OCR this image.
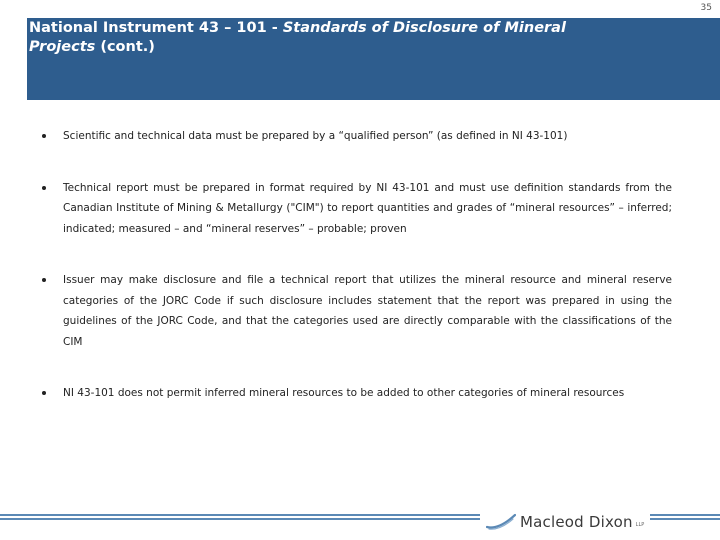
35
National Instrument 43 – 101 - Standards of Disclosure of Mineral
Projects (cont.)
Scientific and technical data must be prepared by a “qualified person” (as defined in NI 43-101)
Technical report must be prepared in format required by NI 43-101 and must use definition standards from the Canadian Institute of Mining & Metallurgy ("CIM") to report quantities and grades of “mineral resources” – inferred; indicated; measured – and “mineral reserves” – probable; proven
Issuer may make disclosure and file a technical report that utilizes the mineral resource and mineral reserve categories of the JORC Code if such disclosure includes statement that the report was prepared in using the guidelines of the JORC Code, and that the categories used are directly comparable with the classifications of the CIM
NI 43-101 does not permit inferred mineral resources to be added to other categories of mineral resources
Macleod Dixon LLP
